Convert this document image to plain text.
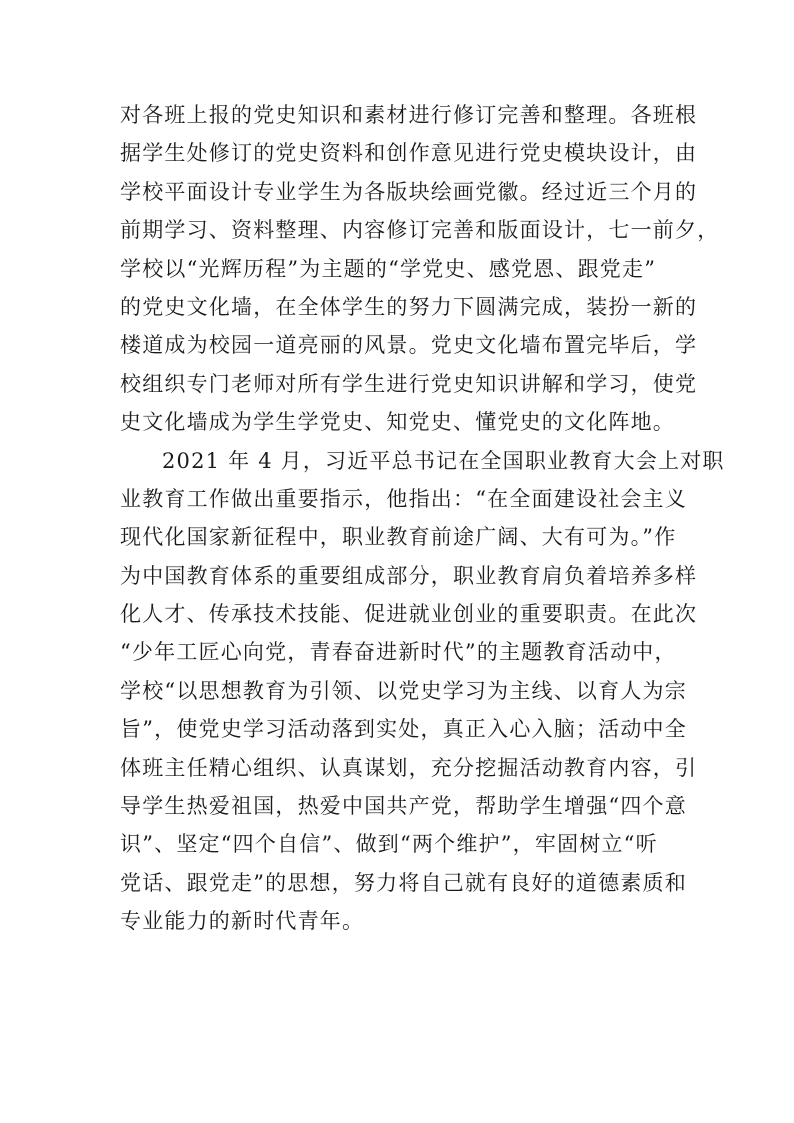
对各班上报的党史知识和素材进行修订完善和整理。各班根
据学生处修订的党史资料和创作意见进行党史模块设计，由
学校平面设计专业学生为各版块绘画党徽。经过近三个月的
前期学习、资料整理、内容修订完善和版面设计，七一前夕，
学校以“光辉历程”为主题的“学党史、感党恩、跟党走”
的党史文化墙，在全体学生的努力下圆满完成，装扮一新的
楼道成为校园一道亮丽的风景。党史文化墙布置完毕后，学
校组织专门老师对所有学生进行党史知识讲解和学习，使党
史文化墙成为学生学党史、知党史、懂党史的文化阵地。
2021 年 4 月，习近平总书记在全国职业教育大会上对职
业教育工作做出重要指示，他指出：“在全面建设社会主义
现代化国家新征程中，职业教育前途广阔、大有可为。”作
为中国教育体系的重要组成部分，职业教育肩负着培养多样
化人才、传承技术技能、促进就业创业的重要职责。在此次
“少年工匠心向党，青春奋进新时代”的主题教育活动中，
学校“以思想教育为引领、以党史学习为主线、以育人为宗
旨”，使党史学习活动落到实处，真正入心入脑；活动中全
体班主任精心组织、认真谋划，充分挖掘活动教育内容，引
导学生热爱祖国，热爱中国共产党，帮助学生增强“四个意
识”、坚定“四个自信”、做到“两个维护”，牢固树立“听
党话、跟党走”的思想，努力将自己就有良好的道德素质和
专业能力的新时代青年。
